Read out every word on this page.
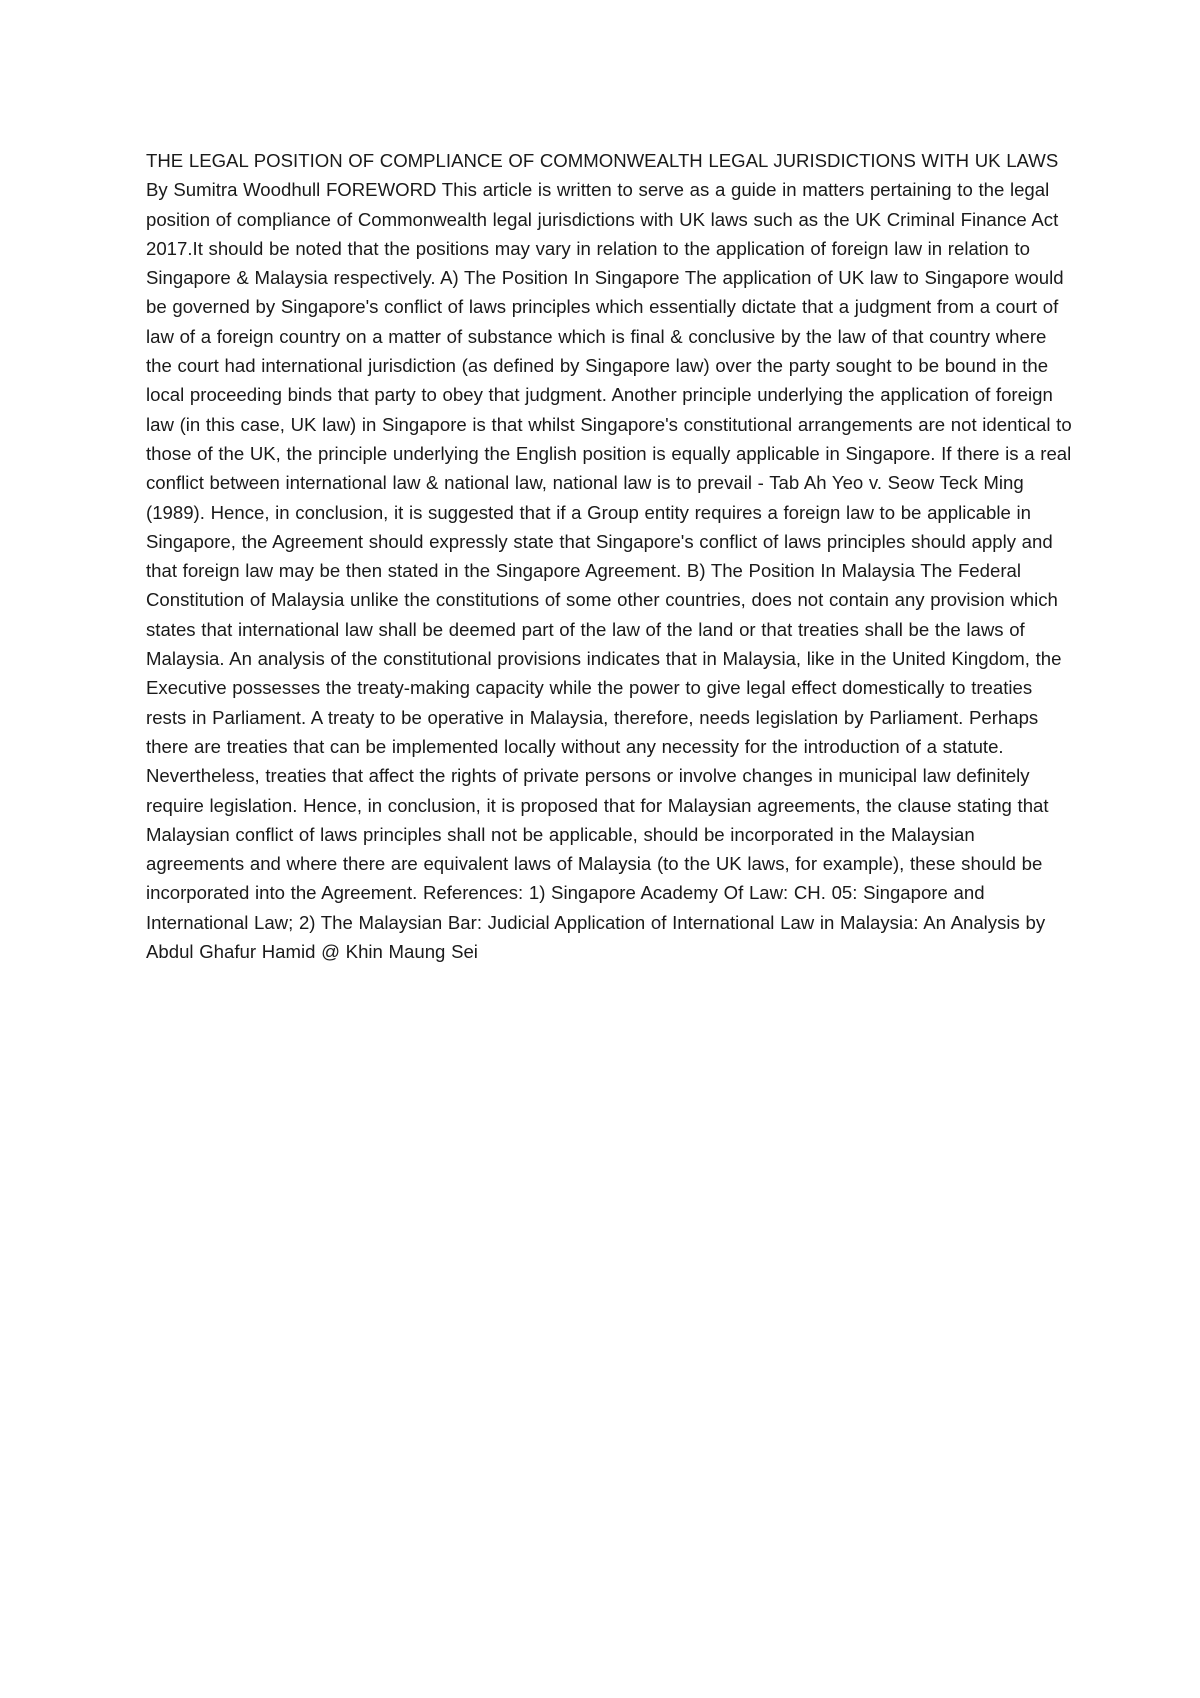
THE LEGAL POSITION OF COMPLIANCE OF COMMONWEALTH LEGAL JURISDICTIONS WITH UK LAWS By Sumitra Woodhull FOREWORD This article is written to serve as a guide in matters pertaining to the legal position of compliance of Commonwealth legal jurisdictions with UK laws such as the UK Criminal Finance Act 2017.It should be noted that the positions may vary in relation to the application of foreign law in relation to Singapore & Malaysia respectively. A) The Position In Singapore The application of UK law to Singapore would be governed by Singapore's conflict of laws principles which essentially dictate that a judgment from a court of law of a foreign country on a matter of substance which is final & conclusive by the law of that country where the court had international jurisdiction (as defined by Singapore law) over the party sought to be bound in the local proceeding binds that party to obey that judgment. Another principle underlying the application of foreign law (in this case, UK law) in Singapore is that whilst Singapore's constitutional arrangements are not identical to those of the UK, the principle underlying the English position is equally applicable in Singapore. If there is a real conflict between international law & national law, national law is to prevail - Tab Ah Yeo v. Seow Teck Ming (1989). Hence, in conclusion, it is suggested that if a Group entity requires a foreign law to be applicable in Singapore, the Agreement should expressly state that Singapore's conflict of laws principles should apply and that foreign law may be then stated in the Singapore Agreement. B) The Position In Malaysia The Federal Constitution of Malaysia unlike the constitutions of some other countries, does not contain any provision which states that international law shall be deemed part of the law of the land or that treaties shall be the laws of Malaysia. An analysis of the constitutional provisions indicates that in Malaysia, like in the United Kingdom, the Executive possesses the treaty-making capacity while the power to give legal effect domestically to treaties rests in Parliament. A treaty to be operative in Malaysia, therefore, needs legislation by Parliament. Perhaps there are treaties that can be implemented locally without any necessity for the introduction of a statute. Nevertheless, treaties that affect the rights of private persons or involve changes in municipal law definitely require legislation. Hence, in conclusion, it is proposed that for Malaysian agreements, the clause stating that Malaysian conflict of laws principles shall not be applicable, should be incorporated in the Malaysian agreements and where there are equivalent laws of Malaysia (to the UK laws, for example), these should be incorporated into the Agreement. References: 1) Singapore Academy Of Law: CH. 05: Singapore and International Law; 2) The Malaysian Bar: Judicial Application of International Law in Malaysia: An Analysis by Abdul Ghafur Hamid @ Khin Maung Sei
